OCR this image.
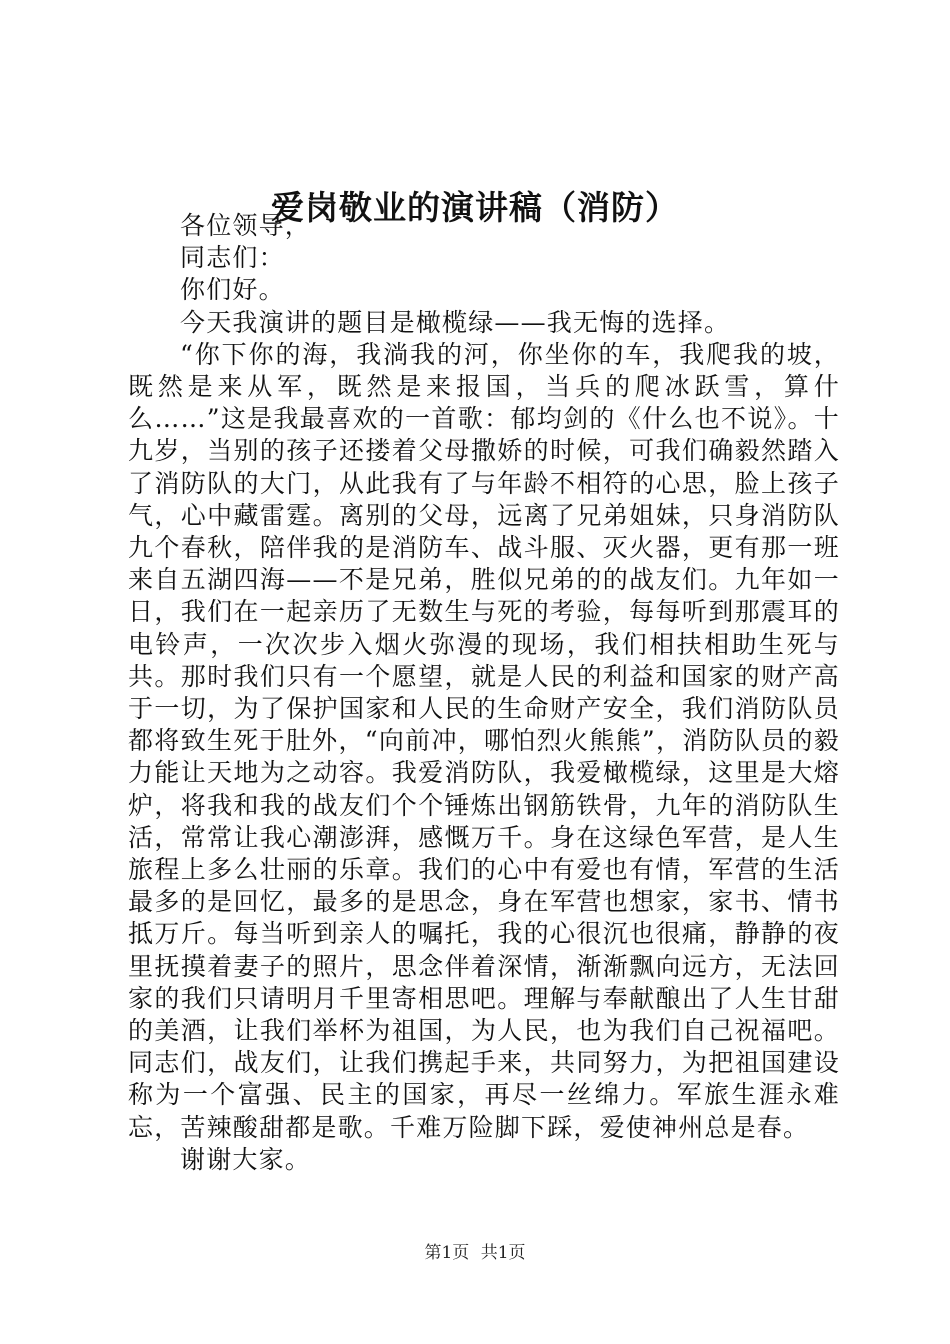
爱岗敬业的演讲稿（消防）

各位领导，

同志们：

你们好。

今天我演讲的题目是橄榄绿——我无悔的选择。

“你下你的海，我淌我的河，你坐你的车，我爬我的坡，既然是来从军，既然是来报国，当兵的爬冰跃雪，算什么……”这是我最喜欢的一首歌：郁均剑的《什么也不说》。十九岁，当别的孩子还搂着父母撒娇的时候，可我们确毅然踏入了消防队的大门，从此我有了与年龄不相符的心思，脸上孩子气，心中藏雷霆。离别的父母，远离了兄弟姐妹，只身消防队九个春秋，陪伴我的是消防车、战斗服、灭火器，更有那一班来自五湖四海——不是兄弟，胜似兄弟的的战友们。九年如一日，我们在一起亲历了无数生与死的考验，每每听到那震耳的电铃声，一次次步入烟火弥漫的现场，我们相扶相助生死与共。那时我们只有一个愿望，就是人民的利益和国家的财产高于一切，为了保护国家和人民的生命财产安全，我们消防队员都将致生死于肚外，“向前冲，哪怕烈火熊熊”，消防队员的毅力能让天地为之动容。我爱消防队，我爱橄榄绿，这里是大熔炉，将我和我的战友们个个锤炼出钢筋铁骨，九年的消防队生活，常常让我心潮澎湃，感慨万千。身在这绿色军营，是人生旅程上多么壮丽的乐章。我们的心中有爱也有情，军营的生活最多的是回忆，最多的是思念，身在军营也想家，家书、情书抵万斤。每当听到亲人的嘱托，我的心很沉也很痛，静静的夜里抚摸着妻子的照片，思念伴着深情，渐渐飘向远方，无法回家的我们只请明月千里寄相思吧。理解与奉献酿出了人生甘甜的美酒，让我们举杯为祖国，为人民，也为我们自己祝福吧。同志们，战友们，让我们携起手来，共同努力，为把祖国建设称为一个富强、民主的国家，再尽一丝绵力。军旅生涯永难忘，苦辣酸甜都是歌。千难万险脚下踩，爱使神州总是春。

谢谢大家。

第1页 共1页
